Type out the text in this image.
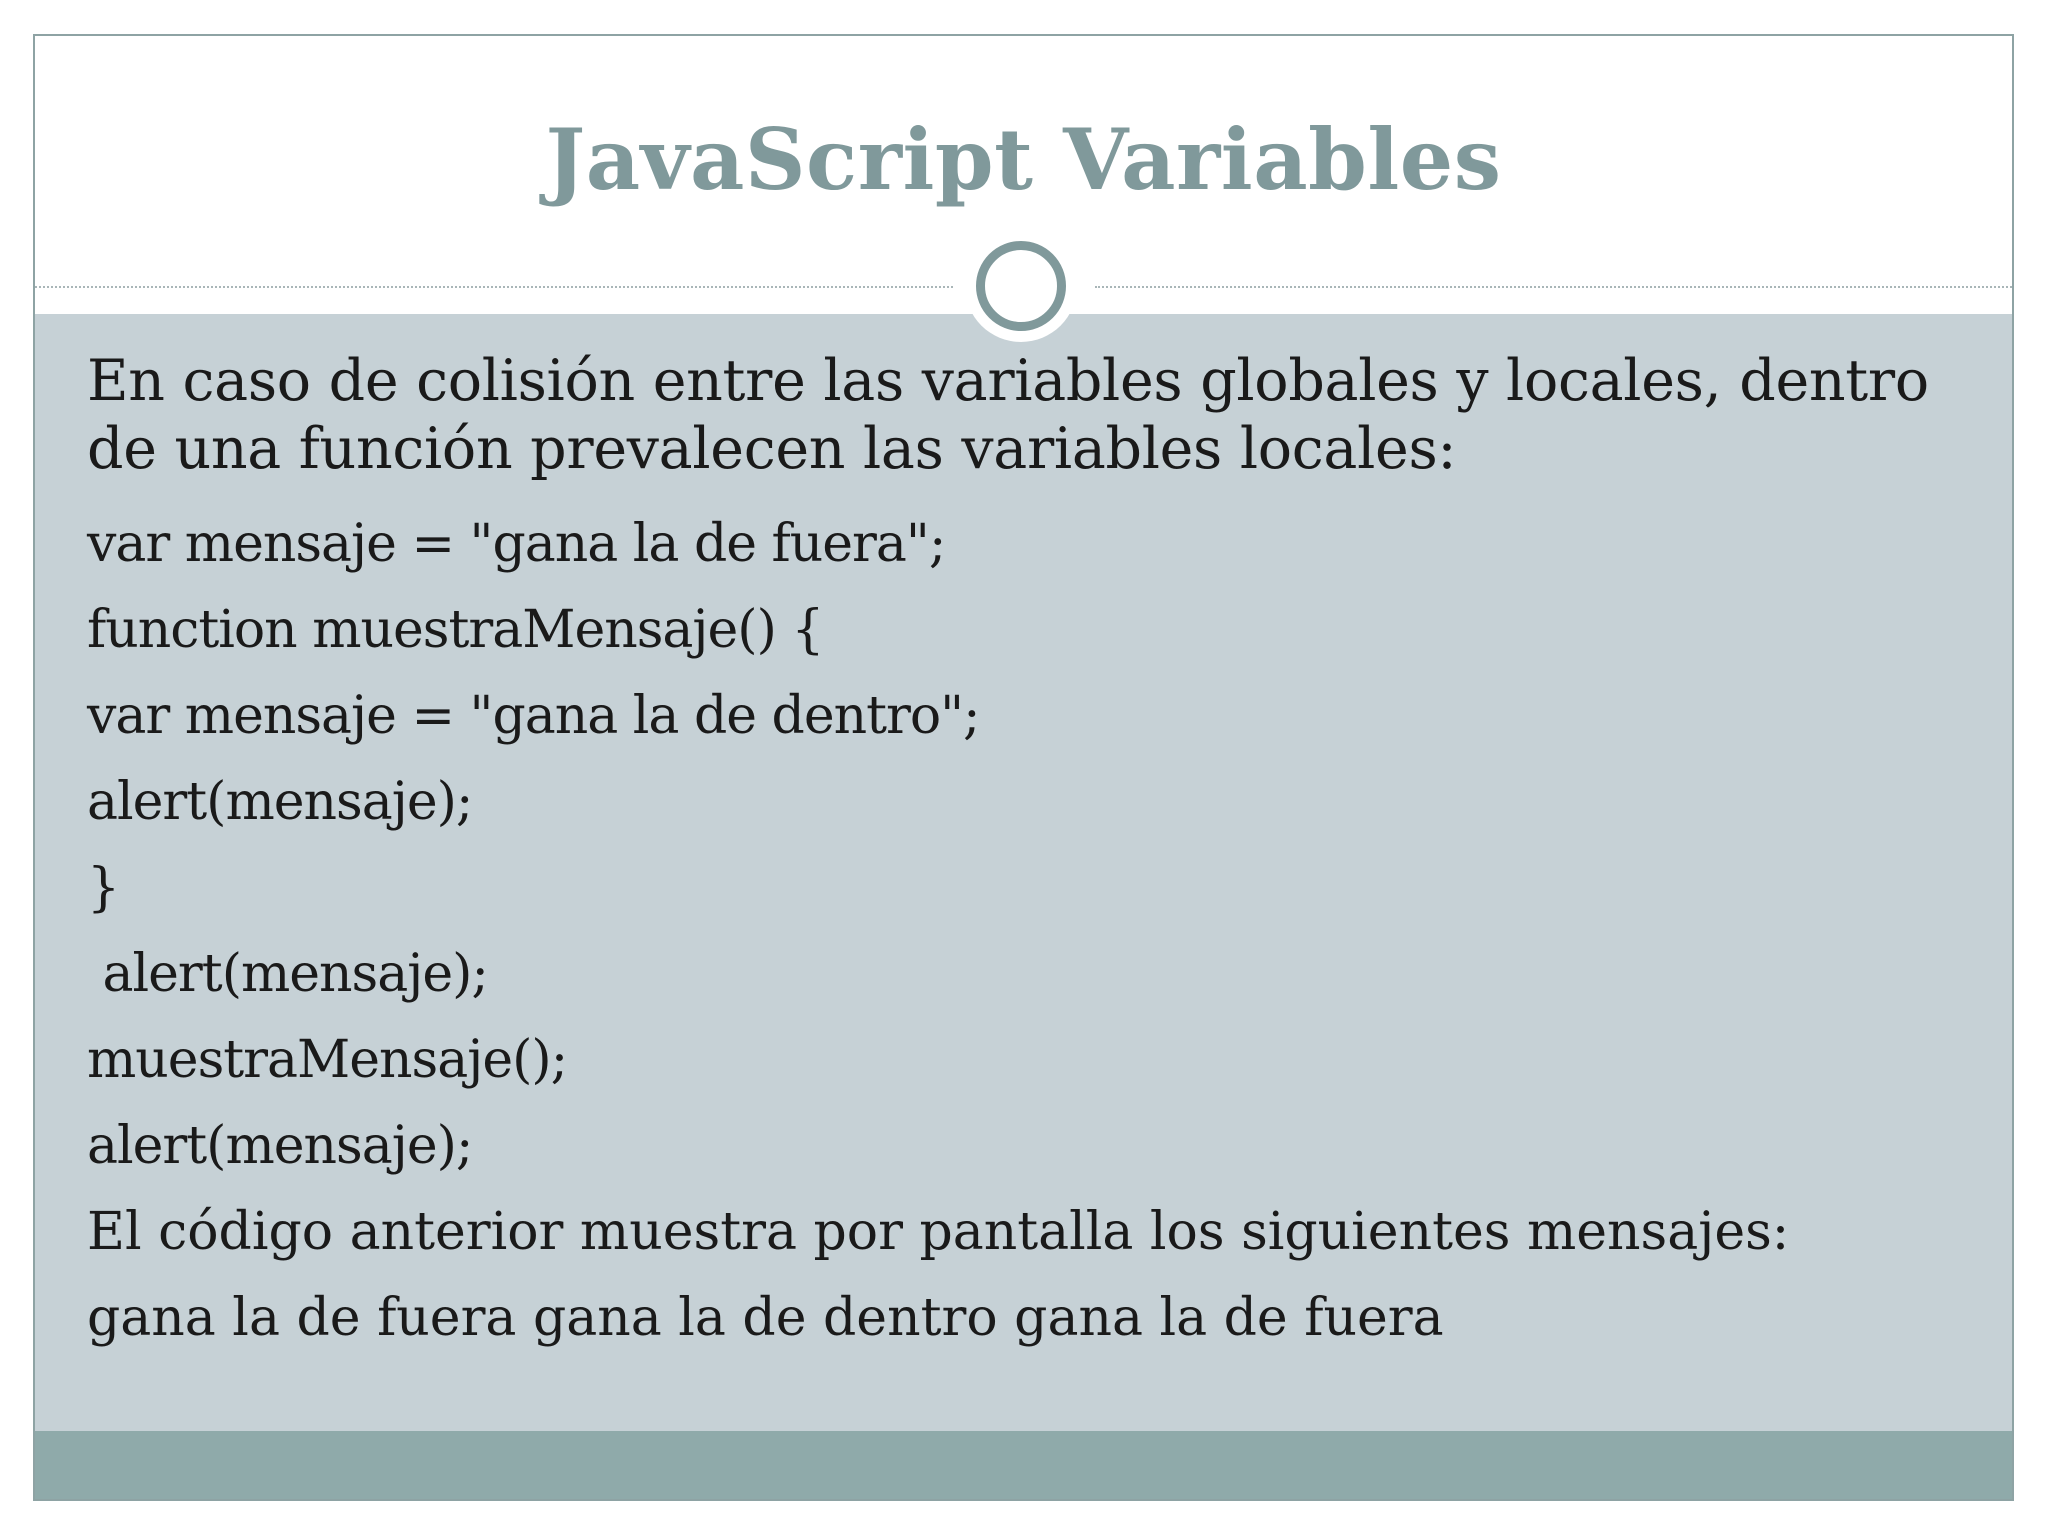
JavaScript Variables

En caso de colisión entre las variables globales y locales, dentro de una función prevalecen las variables locales:

var mensaje = "gana la de fuera";

function muestraMensaje() {

var mensaje = "gana la de dentro";

alert(mensaje);

}

alert(mensaje);

muestraMensaje();

alert(mensaje);

El código anterior muestra por pantalla los siguientes mensajes:

gana la de fuera gana la de dentro gana la de fuera
